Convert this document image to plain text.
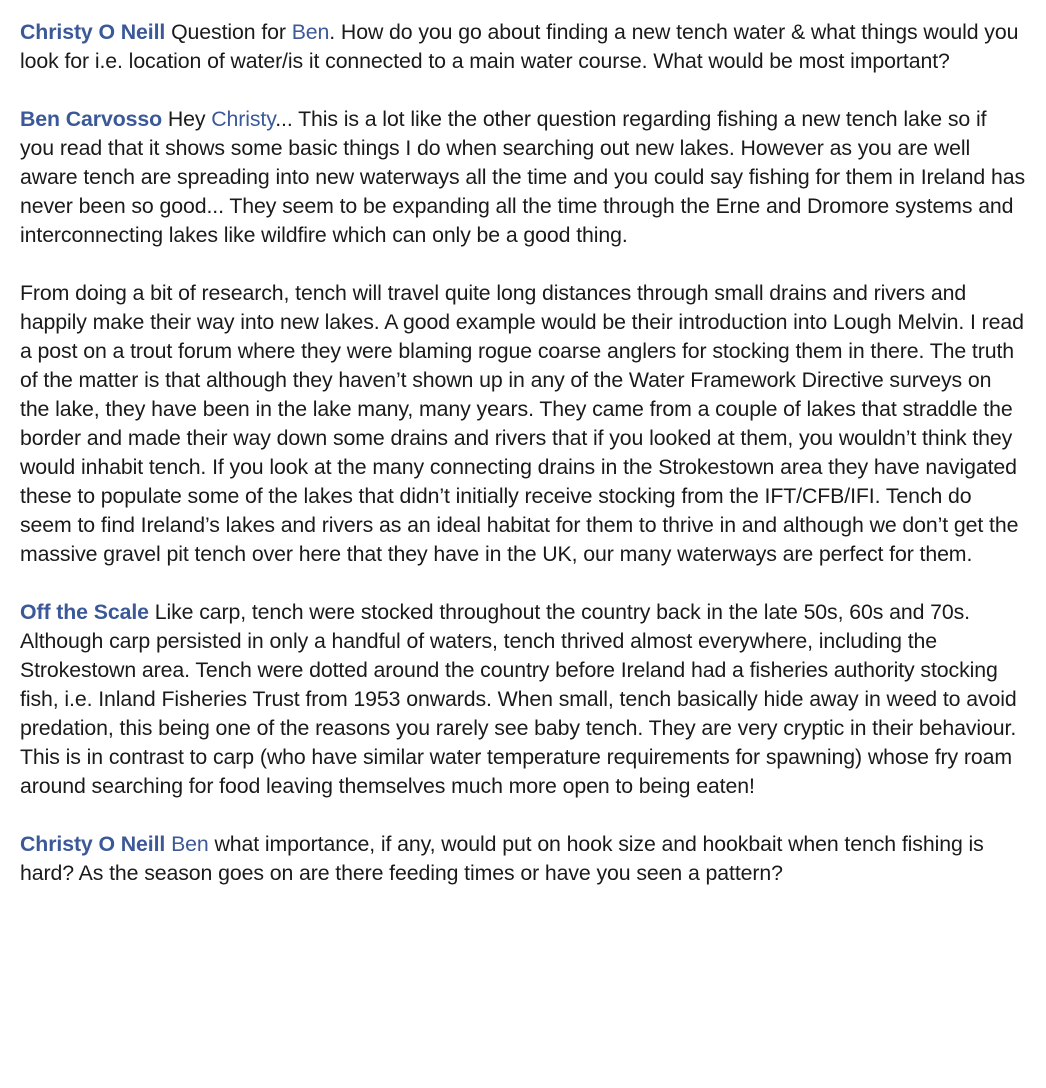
Christy O Neill Question for Ben. How do you go about finding a new tench water & what things would you look for i.e. location of water/is it connected to a main water course. What would be most important?

Ben Carvosso Hey Christy... This is a lot like the other question regarding fishing a new tench lake so if you read that it shows some basic things I do when searching out new lakes. However as you are well aware tench are spreading into new waterways all the time and you could say fishing for them in Ireland has never been so good... They seem to be expanding all the time through the Erne and Dromore systems and interconnecting lakes like wildfire which can only be a good thing.

From doing a bit of research, tench will travel quite long distances through small drains and rivers and happily make their way into new lakes. A good example would be their introduction into Lough Melvin. I read a post on a trout forum where they were blaming rogue coarse anglers for stocking them in there. The truth of the matter is that although they haven’t shown up in any of the Water Framework Directive surveys on the lake, they have been in the lake many, many years. They came from a couple of lakes that straddle the border and made their way down some drains and rivers that if you looked at them, you wouldn’t think they would inhabit tench. If you look at the many connecting drains in the Strokestown area they have navigated these to populate some of the lakes that didn’t initially receive stocking from the IFT/CFB/IFI. Tench do seem to find Ireland’s lakes and rivers as an ideal habitat for them to thrive in and although we don’t get the massive gravel pit tench over here that they have in the UK, our many waterways are perfect for them.

Off the Scale Like carp, tench were stocked throughout the country back in the late 50s, 60s and 70s. Although carp persisted in only a handful of waters, tench thrived almost everywhere, including the Strokestown area. Tench were dotted around the country before Ireland had a fisheries authority stocking fish, i.e. Inland Fisheries Trust from 1953 onwards. When small, tench basically hide away in weed to avoid predation, this being one of the reasons you rarely see baby tench. They are very cryptic in their behaviour. This is in contrast to carp (who have similar water temperature requirements for spawning) whose fry roam around searching for food leaving themselves much more open to being eaten!

Christy O Neill Ben what importance, if any, would put on hook size and hookbait when tench fishing is hard? As the season goes on are there feeding times or have you seen a pattern?
